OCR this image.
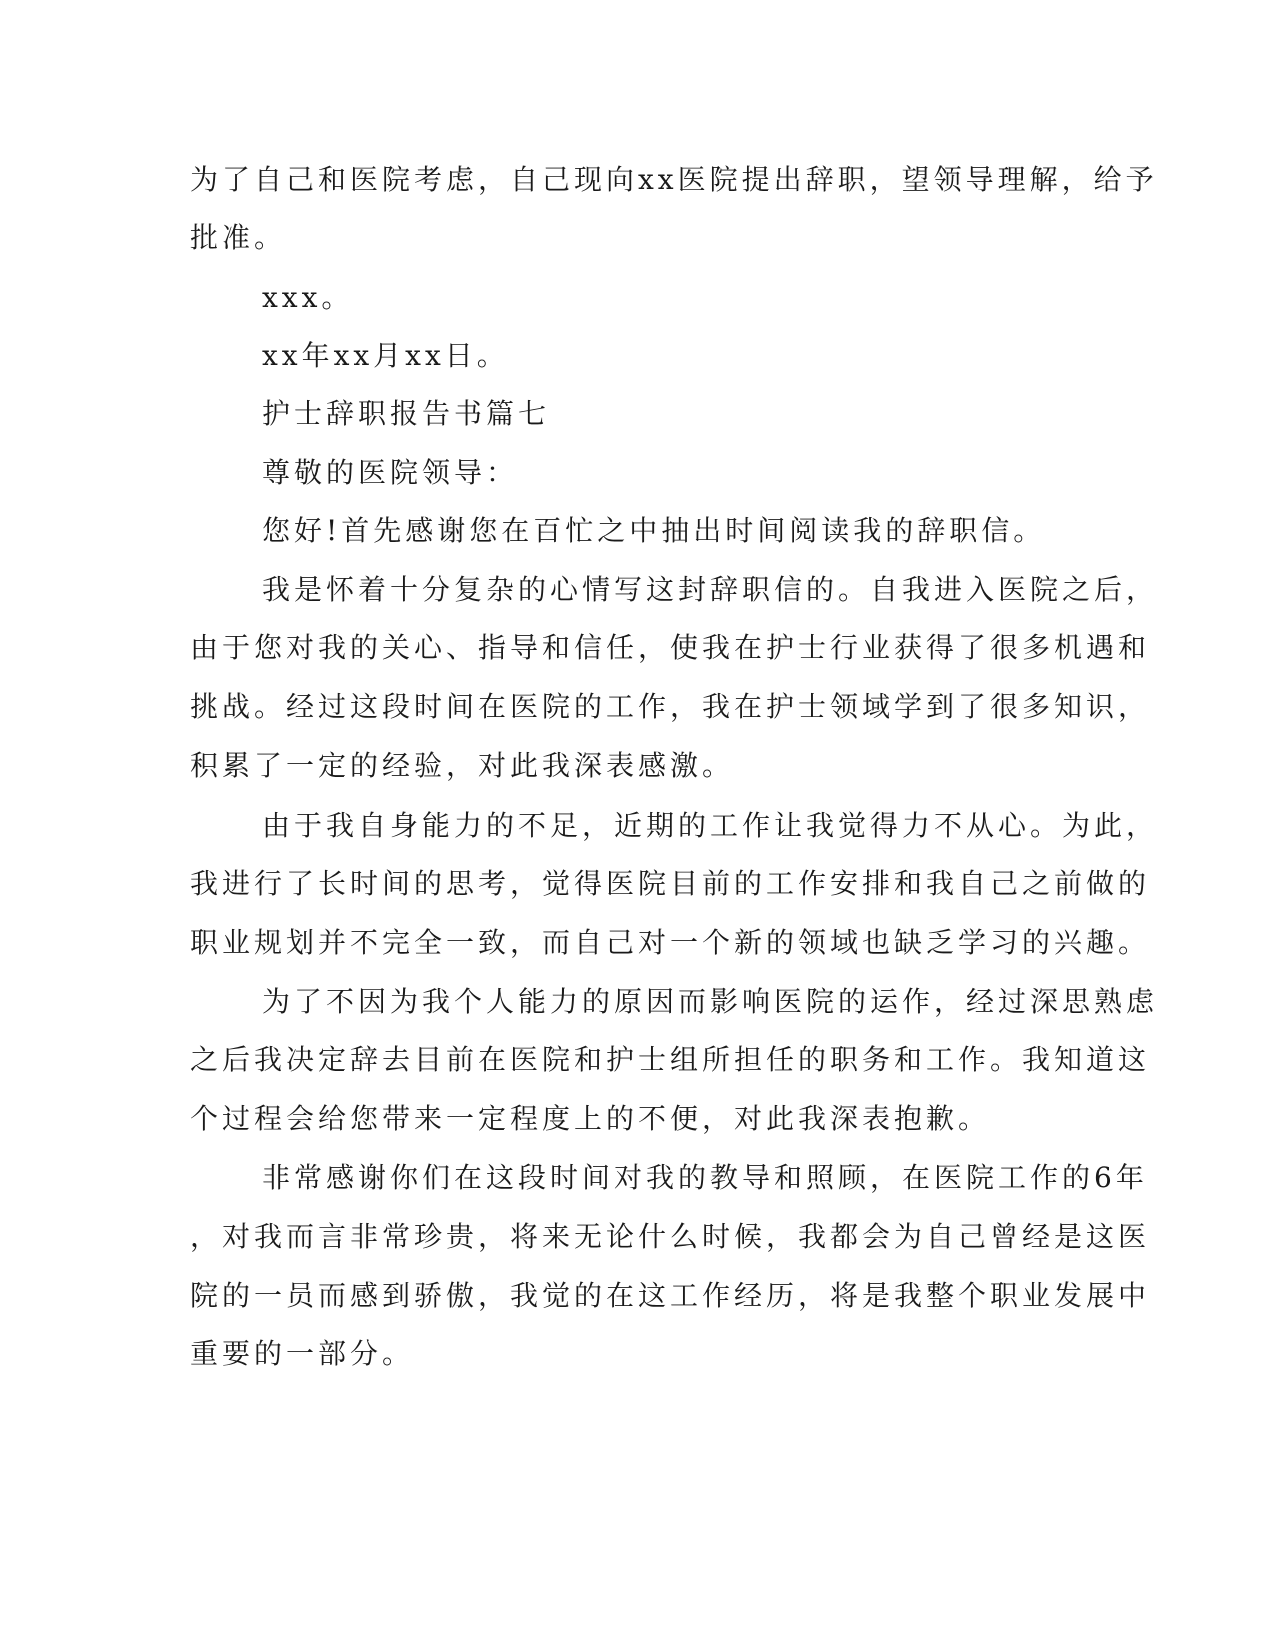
为了自己和医院考虑，自己现向xx医院提出辞职，望领导理解，给予

批准。

xxx。

xx年xx月xx日。

护士辞职报告书篇七

尊敬的医院领导：

您好!首先感谢您在百忙之中抽出时间阅读我的辞职信。

我是怀着十分复杂的心情写这封辞职信的。自我进入医院之后，

由于您对我的关心、指导和信任，使我在护士行业获得了很多机遇和

挑战。经过这段时间在医院的工作，我在护士领域学到了很多知识，

积累了一定的经验，对此我深表感激。

由于我自身能力的不足，近期的工作让我觉得力不从心。为此，

我进行了长时间的思考，觉得医院目前的工作安排和我自己之前做的

职业规划并不完全一致，而自己对一个新的领域也缺乏学习的兴趣。

为了不因为我个人能力的原因而影响医院的运作，经过深思熟虑

之后我决定辞去目前在医院和护士组所担任的职务和工作。我知道这

个过程会给您带来一定程度上的不便，对此我深表抱歉。

非常感谢你们在这段时间对我的教导和照顾，在医院工作的6年

，对我而言非常珍贵，将来无论什么时候，我都会为自己曾经是这医

院的一员而感到骄傲，我觉的在这工作经历，将是我整个职业发展中

重要的一部分。
